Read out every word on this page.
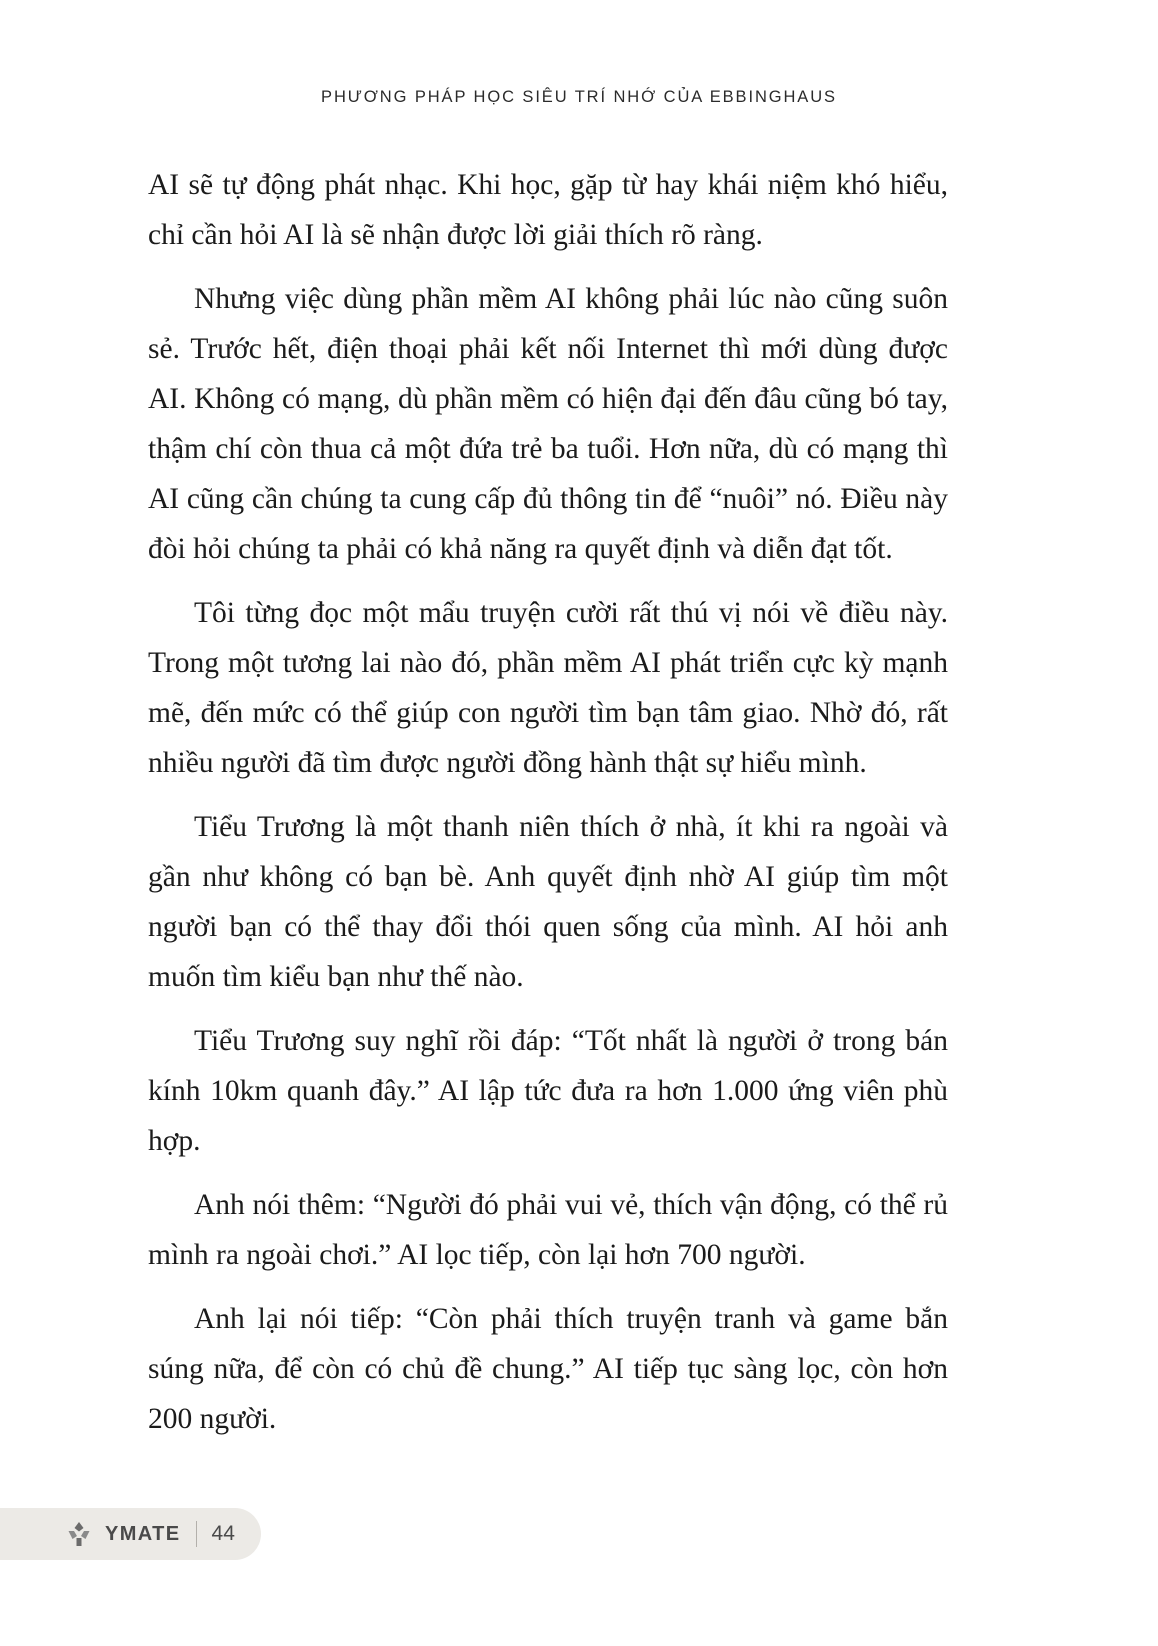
PHƯƠNG PHÁP HỌC SIÊU TRÍ NHỚ CỦA EBBINGHAUS

AI sẽ tự động phát nhạc. Khi học, gặp từ hay khái niệm khó hiểu, chỉ cần hỏi AI là sẽ nhận được lời giải thích rõ ràng.

Nhưng việc dùng phần mềm AI không phải lúc nào cũng suôn sẻ. Trước hết, điện thoại phải kết nối Internet thì mới dùng được AI. Không có mạng, dù phần mềm có hiện đại đến đâu cũng bó tay, thậm chí còn thua cả một đứa trẻ ba tuổi. Hơn nữa, dù có mạng thì AI cũng cần chúng ta cung cấp đủ thông tin để “nuôi” nó. Điều này đòi hỏi chúng ta phải có khả năng ra quyết định và diễn đạt tốt.

Tôi từng đọc một mẩu truyện cười rất thú vị nói về điều này. Trong một tương lai nào đó, phần mềm AI phát triển cực kỳ mạnh mẽ, đến mức có thể giúp con người tìm bạn tâm giao. Nhờ đó, rất nhiều người đã tìm được người đồng hành thật sự hiểu mình.

Tiểu Trương là một thanh niên thích ở nhà, ít khi ra ngoài và gần như không có bạn bè. Anh quyết định nhờ AI giúp tìm một người bạn có thể thay đổi thói quen sống của mình. AI hỏi anh muốn tìm kiểu bạn như thế nào.

Tiểu Trương suy nghĩ rồi đáp: “Tốt nhất là người ở trong bán kính 10km quanh đây.” AI lập tức đưa ra hơn 1.000 ứng viên phù hợp.

Anh nói thêm: “Người đó phải vui vẻ, thích vận động, có thể rủ mình ra ngoài chơi.” AI lọc tiếp, còn lại hơn 700 người.

Anh lại nói tiếp: “Còn phải thích truyện tranh và game bắn súng nữa, để còn có chủ đề chung.” AI tiếp tục sàng lọc, còn hơn 200 người.

YMATE 44
